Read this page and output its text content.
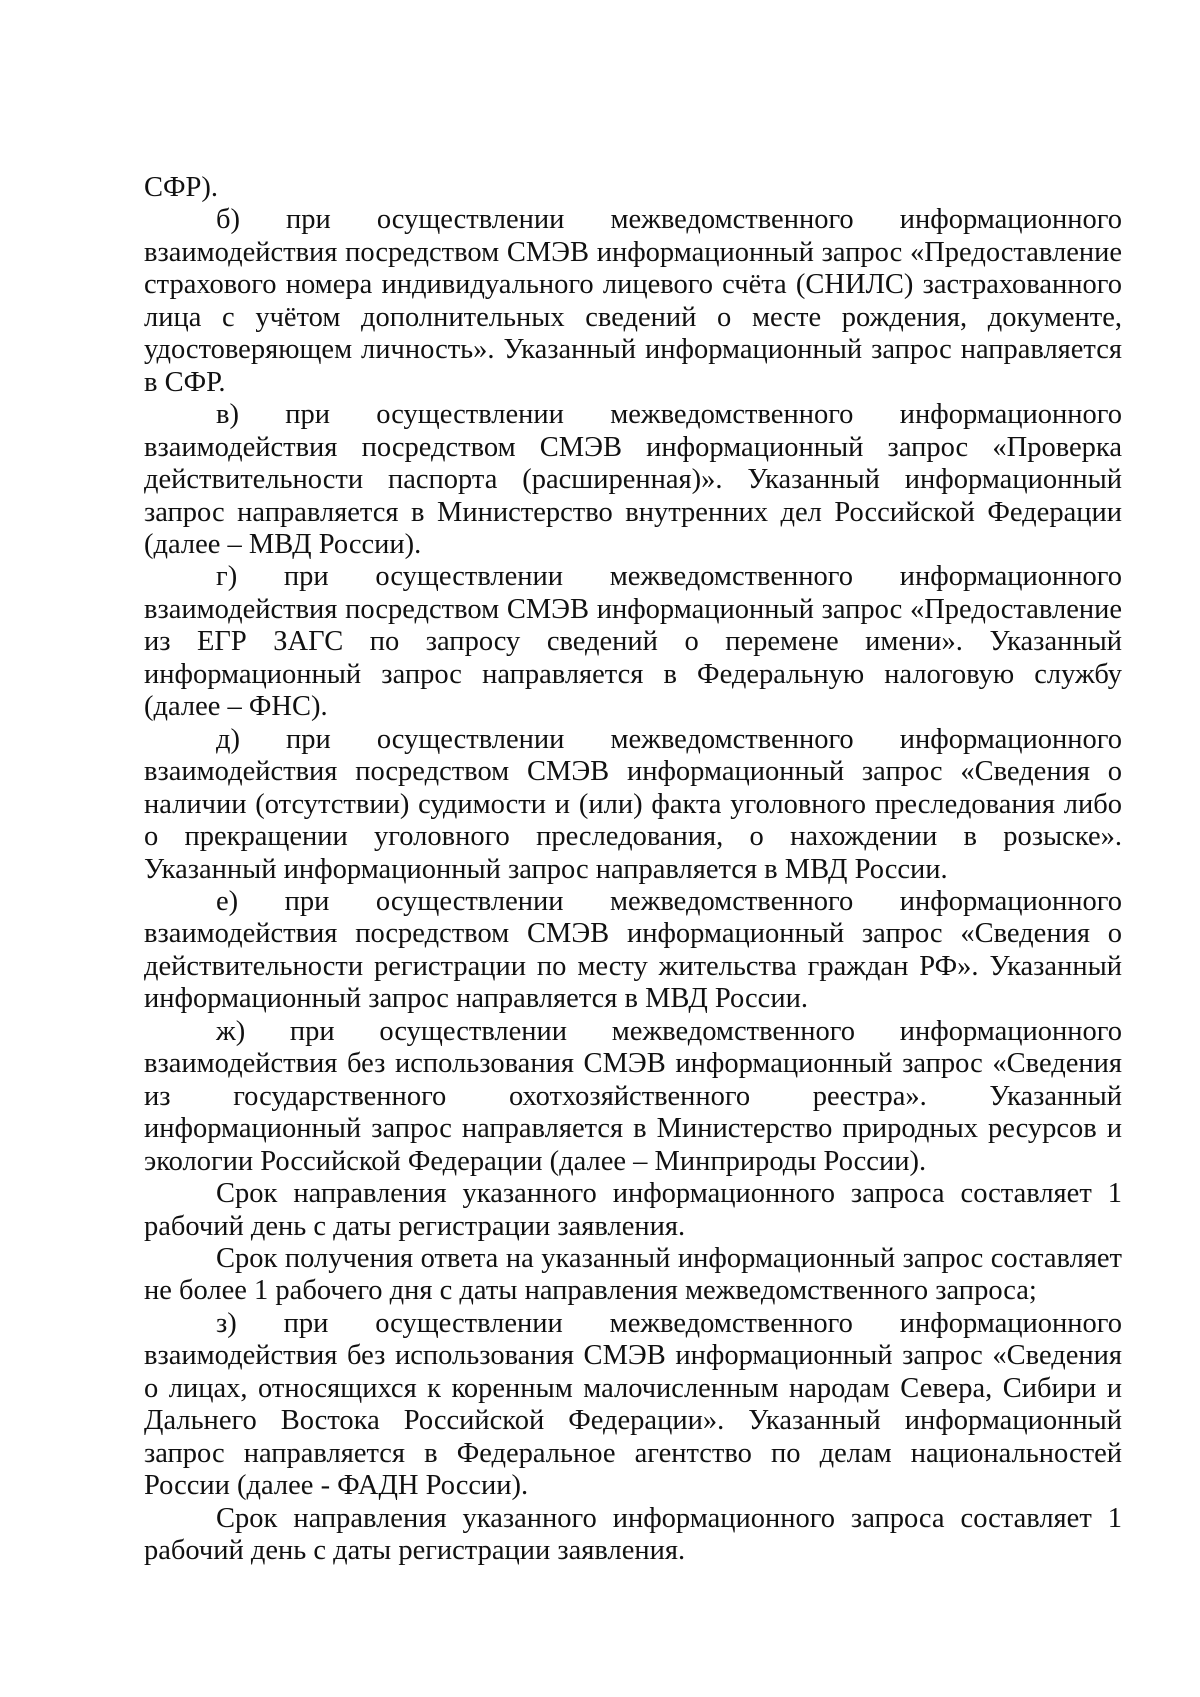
СФР).

б) при осуществлении межведомственного информационного взаимодействия посредством СМЭВ информационный запрос «Предоставление страхового номера индивидуального лицевого счёта (СНИЛС) застрахованного лица с учётом дополнительных сведений о месте рождения, документе, удостоверяющем личность». Указанный информационный запрос направляется в СФР.

в) при осуществлении межведомственного информационного взаимодействия посредством СМЭВ информационный запрос «Проверка действительности паспорта (расширенная)». Указанный информационный запрос направляется в Министерство внутренних дел Российской Федерации (далее – МВД России).

г) при осуществлении межведомственного информационного взаимодействия посредством СМЭВ информационный запрос «Предоставление из ЕГР ЗАГС по запросу сведений о перемене имени». Указанный информационный запрос направляется в Федеральную налоговую службу (далее – ФНС).

д) при осуществлении межведомственного информационного взаимодействия посредством СМЭВ информационный запрос «Сведения о наличии (отсутствии) судимости и (или) факта уголовного преследования либо о прекращении уголовного преследования, о нахождении в розыске». Указанный информационный запрос направляется в МВД России.

е) при осуществлении межведомственного информационного взаимодействия посредством СМЭВ информационный запрос «Сведения о действительности регистрации по месту жительства граждан РФ». Указанный информационный запрос направляется в МВД России.

ж) при осуществлении межведомственного информационного взаимодействия без использования СМЭВ информационный запрос «Сведения из государственного охотхозяйственного реестра». Указанный информационный запрос направляется в Министерство природных ресурсов и экологии Российской Федерации (далее – Минприроды России).

Срок направления указанного информационного запроса составляет 1 рабочий день с даты регистрации заявления.

Срок получения ответа на указанный информационный запрос составляет не более 1 рабочего дня с даты направления межведомственного запроса;

з) при осуществлении межведомственного информационного взаимодействия без использования СМЭВ информационный запрос «Сведения о лицах, относящихся к коренным малочисленным народам Севера, Сибири и Дальнего Востока Российской Федерации». Указанный информационный запрос направляется в Федеральное агентство по делам национальностей России (далее - ФАДН России).

Срок направления указанного информационного запроса составляет 1 рабочий день с даты регистрации заявления.
